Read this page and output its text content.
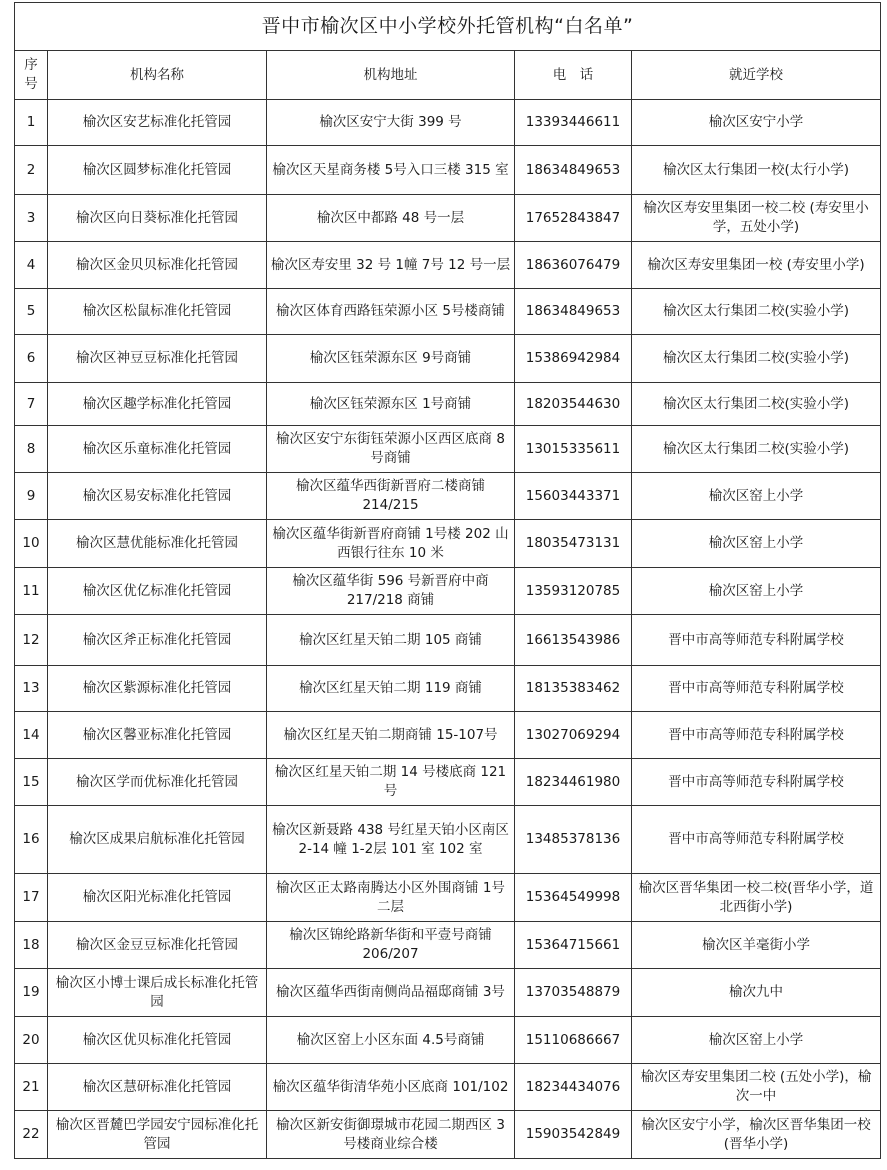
晋中市榆次区中小学校外托管机构“白名单”				
序号	机构名称	机构地址	电　话	就近学校
1	榆次区安艺标准化托管园	榆次区安宁大街 399 号	13393446611	榆次区安宁小学
2	榆次区圆梦标准化托管园	榆次区天星商务楼 5号入口三楼 315 室	18634849653	榆次区太行集团一校(太行小学)
3	榆次区向日葵标准化托管园	榆次区中都路 48 号一层	17652843847	榆次区寿安里集团一校二校 (寿安里小学，五处小学)
4	榆次区金贝贝标准化托管园	榆次区寿安里 32 号 1幢 7号 12 号一层	18636076479	榆次区寿安里集团一校 (寿安里小学)
5	榆次区松鼠标准化托管园	榆次区体育西路钰荣源小区 5号楼商铺	18634849653	榆次区太行集团二校(实验小学)
6	榆次区神豆豆标准化托管园	榆次区钰荣源东区 9号商铺	15386942984	榆次区太行集团二校(实验小学)
7	榆次区趣学标准化托管园	榆次区钰荣源东区 1号商铺	18203544630	榆次区太行集团二校(实验小学)
8	榆次区乐童标准化托管园	榆次区安宁东街钰荣源小区西区底商 8号商铺	13015335611	榆次区太行集团二校(实验小学)
9	榆次区易安标准化托管园	榆次区蕴华西街新晋府二楼商铺 214/215	15603443371	榆次区窑上小学
10	榆次区慧优能标准化托管园	榆次区蕴华街新晋府商铺 1号楼 202 山西银行往东 10 米	18035473131	榆次区窑上小学
11	榆次区优亿标准化托管园	榆次区蕴华街 596 号新晋府中商 217/218 商铺	13593120785	榆次区窑上小学
12	榆次区斧正标准化托管园	榆次区红星天铂二期 105 商铺	16613543986	晋中市高等师范专科附属学校
13	榆次区紫源标准化托管园	榆次区红星天铂二期 119 商铺	18135383462	晋中市高等师范专科附属学校
14	榆次区馨亚标准化托管园	榆次区红星天铂二期商铺 15-107号	13027069294	晋中市高等师范专科附属学校
15	榆次区学而优标准化托管园	榆次区红星天铂二期 14 号楼底商 121 号	18234461980	晋中市高等师范专科附属学校
16	榆次区成果启航标准化托管园	榆次区新聂路 438 号红星天铂小区南区 2-14 幢 1-2层 101 室 102 室	13485378136	晋中市高等师范专科附属学校
17	榆次区阳光标准化托管园	榆次区正太路南腾达小区外围商铺 1号二层	15364549998	榆次区晋华集团一校二校(晋华小学，道北西街小学)
18	榆次区金豆豆标准化托管园	榆次区锦纶路新华街和平壹号商铺 206/207	15364715661	榆次区羊毫街小学
19	榆次区小博士课后成长标准化托管园	榆次区蕴华西街南侧尚品福邸商铺 3号	13703548879	榆次九中
20	榆次区优贝标准化托管园	榆次区窑上小区东面 4.5号商铺	15110686667	榆次区窑上小学
21	榆次区慧研标准化托管园	榆次区蕴华街清华苑小区底商 101/102	18234434076	榆次区寿安里集团二校 (五处小学)，榆次一中
22	榆次区晋麓巴学园安宁园标准化托管园	榆次区新安街御璟城市花园二期西区 3号楼商业综合楼	15903542849	榆次区安宁小学，榆次区晋华集团一校(晋华小学)
